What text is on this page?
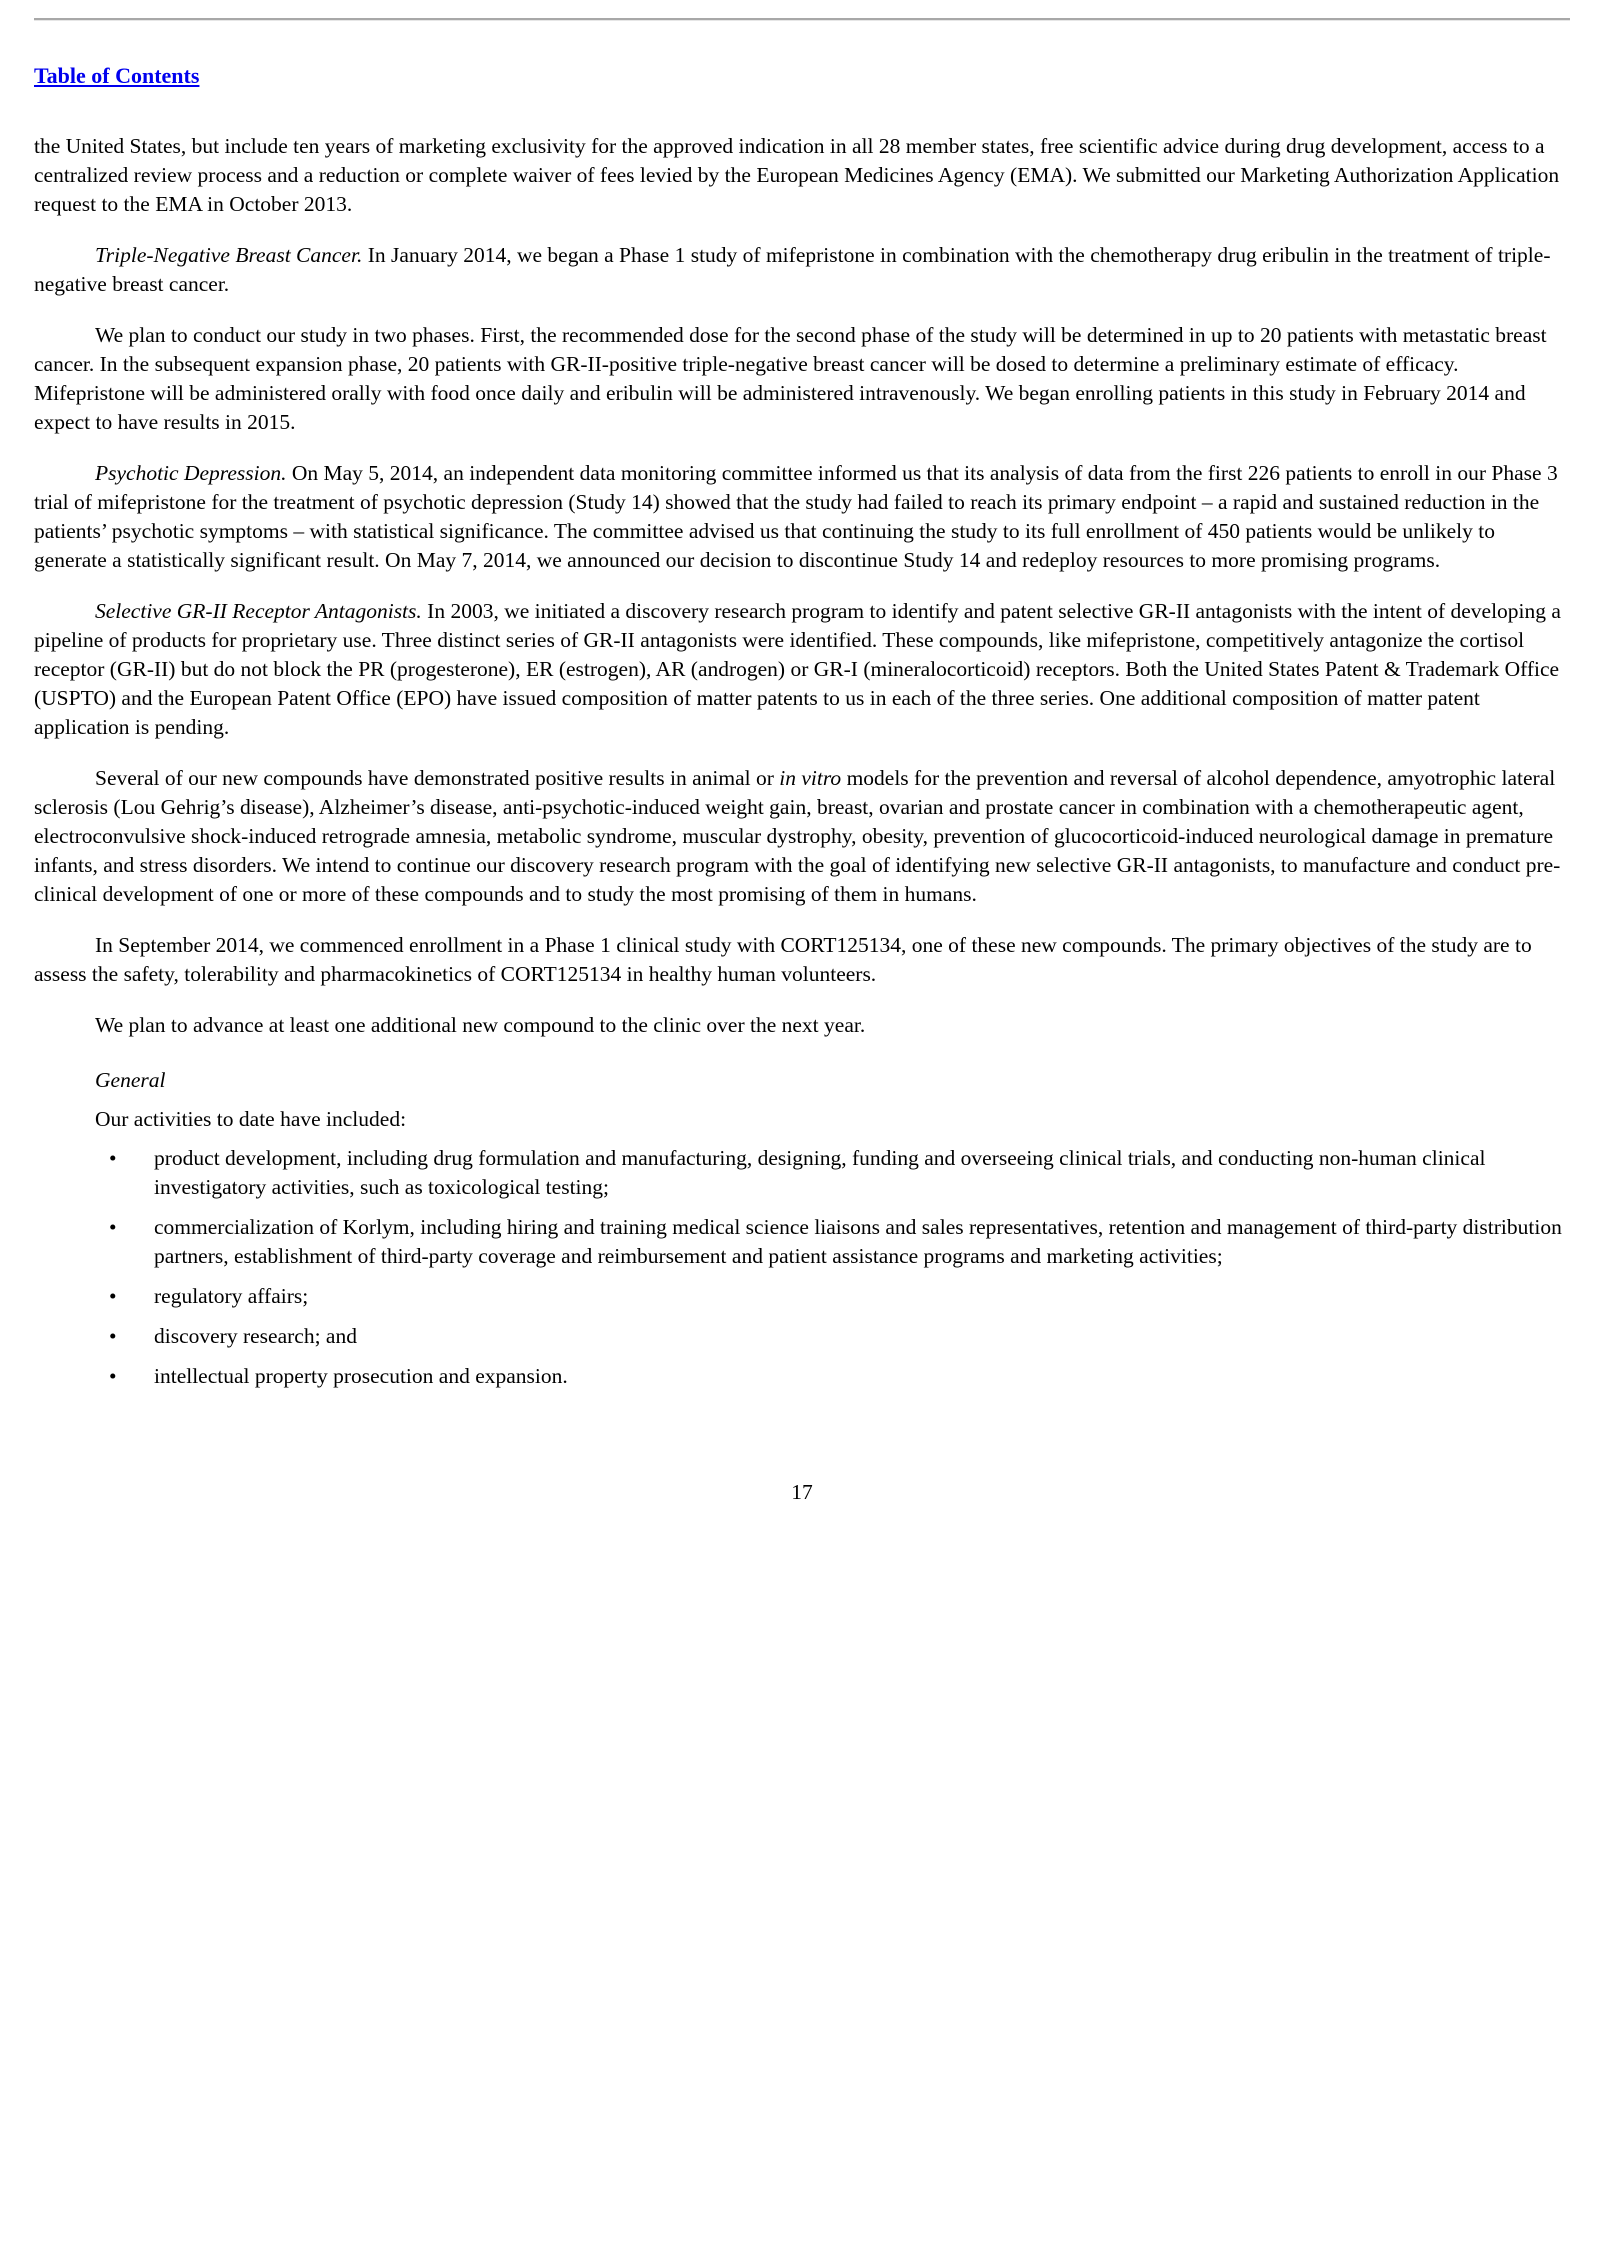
Table of Contents

the United States, but include ten years of marketing exclusivity for the approved indication in all 28 member states, free scientific advice during drug development, access to a centralized review process and a reduction or complete waiver of fees levied by the European Medicines Agency (EMA). We submitted our Marketing Authorization Application request to the EMA in October 2013.

Triple-Negative Breast Cancer. In January 2014, we began a Phase 1 study of mifepristone in combination with the chemotherapy drug eribulin in the treatment of triple-negative breast cancer.

We plan to conduct our study in two phases. First, the recommended dose for the second phase of the study will be determined in up to 20 patients with metastatic breast cancer. In the subsequent expansion phase, 20 patients with GR-II-positive triple-negative breast cancer will be dosed to determine a preliminary estimate of efficacy. Mifepristone will be administered orally with food once daily and eribulin will be administered intravenously. We began enrolling patients in this study in February 2014 and expect to have results in 2015.

Psychotic Depression. On May 5, 2014, an independent data monitoring committee informed us that its analysis of data from the first 226 patients to enroll in our Phase 3 trial of mifepristone for the treatment of psychotic depression (Study 14) showed that the study had failed to reach its primary endpoint – a rapid and sustained reduction in the patients’ psychotic symptoms – with statistical significance. The committee advised us that continuing the study to its full enrollment of 450 patients would be unlikely to generate a statistically significant result. On May 7, 2014, we announced our decision to discontinue Study 14 and redeploy resources to more promising programs.

Selective GR-II Receptor Antagonists. In 2003, we initiated a discovery research program to identify and patent selective GR-II antagonists with the intent of developing a pipeline of products for proprietary use. Three distinct series of GR-II antagonists were identified. These compounds, like mifepristone, competitively antagonize the cortisol receptor (GR-II) but do not block the PR (progesterone), ER (estrogen), AR (androgen) or GR-I (mineralocorticoid) receptors. Both the United States Patent & Trademark Office (USPTO) and the European Patent Office (EPO) have issued composition of matter patents to us in each of the three series. One additional composition of matter patent application is pending.

Several of our new compounds have demonstrated positive results in animal or in vitro models for the prevention and reversal of alcohol dependence, amyotrophic lateral sclerosis (Lou Gehrig’s disease), Alzheimer’s disease, anti-psychotic-induced weight gain, breast, ovarian and prostate cancer in combination with a chemotherapeutic agent, electroconvulsive shock-induced retrograde amnesia, metabolic syndrome, muscular dystrophy, obesity, prevention of glucocorticoid-induced neurological damage in premature infants, and stress disorders. We intend to continue our discovery research program with the goal of identifying new selective GR-II antagonists, to manufacture and conduct pre-clinical development of one or more of these compounds and to study the most promising of them in humans.

In September 2014, we commenced enrollment in a Phase 1 clinical study with CORT125134, one of these new compounds. The primary objectives of the study are to assess the safety, tolerability and pharmacokinetics of CORT125134 in healthy human volunteers.

We plan to advance at least one additional new compound to the clinic over the next year.

General

Our activities to date have included:

• product development, including drug formulation and manufacturing, designing, funding and overseeing clinical trials, and conducting non-human clinical investigatory activities, such as toxicological testing;
• commercialization of Korlym, including hiring and training medical science liaisons and sales representatives, retention and management of third-party distribution partners, establishment of third-party coverage and reimbursement and patient assistance programs and marketing activities;
• regulatory affairs;
• discovery research; and
• intellectual property prosecution and expansion.
17
